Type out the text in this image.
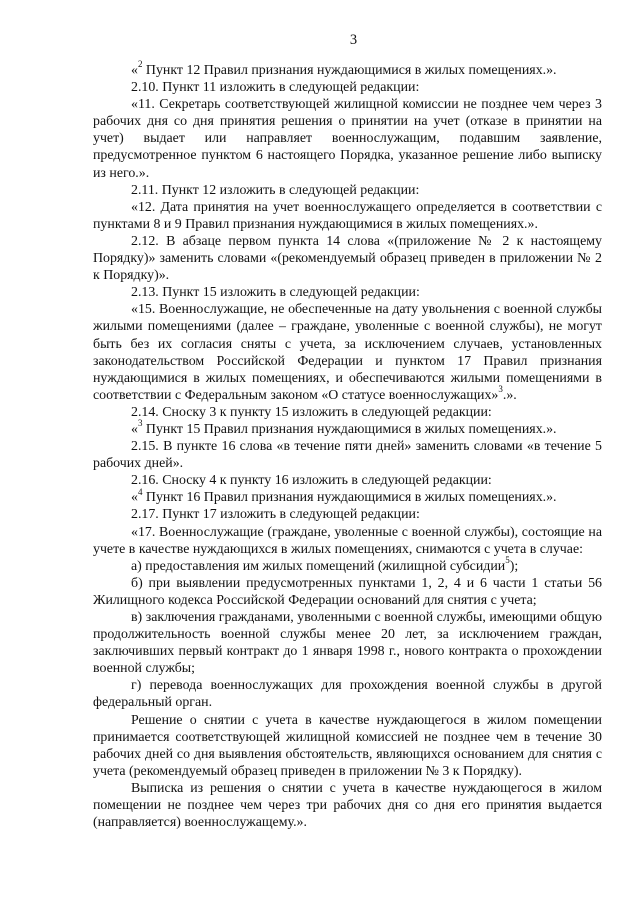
3

«$^2$ Пункт 12 Правил признания нуждающимися в жилых помещениях.».

2.10. Пункт 11 изложить в следующей редакции:

«11. Секретарь соответствующей жилищной комиссии не позднее чем через 3 рабочих дня со дня принятия решения о принятии на учет (отказе в принятии на учет) выдает или направляет военнослужащим, подавшим заявление, предусмотренное пунктом 6 настоящего Порядка, указанное решение либо выписку из него.».

2.11. Пункт 12 изложить в следующей редакции:

«12. Дата принятия на учет военнослужащего определяется в соответствии с пунктами 8 и 9 Правил признания нуждающимися в жилых помещениях.».

2.12. В абзаце первом пункта 14 слова «(приложение № 2 к настоящему Порядку)» заменить словами «(рекомендуемый образец приведен в приложении № 2 к Порядку)».

2.13. Пункт 15 изложить в следующей редакции:

«15. Военнослужащие, не обеспеченные на дату увольнения с военной службы жилыми помещениями (далее – граждане, уволенные с военной службы), не могут быть без их согласия сняты с учета, за исключением случаев, установленных законодательством Российской Федерации и пунктом 17 Правил признания нуждающимися в жилых помещениях, и обеспечиваются жилыми помещениями в соответствии с Федеральным законом «О статусе военнослужащих»$^3$.».

2.14. Сноску 3 к пункту 15 изложить в следующей редакции:

«$^3$ Пункт 15 Правил признания нуждающимися в жилых помещениях.».

2.15. В пункте 16 слова «в течение пяти дней» заменить словами «в течение 5 рабочих дней».

2.16. Сноску 4 к пункту 16 изложить в следующей редакции:

«$^4$ Пункт 16 Правил признания нуждающимися в жилых помещениях.».

2.17. Пункт 17 изложить в следующей редакции:

«17. Военнослужащие (граждане, уволенные с военной службы), состоящие на учете в качестве нуждающихся в жилых помещениях, снимаются с учета в случае:

а) предоставления им жилых помещений (жилищной субсидии$^5$);

б) при выявлении предусмотренных пунктами 1, 2, 4 и 6 части 1 статьи 56 Жилищного кодекса Российской Федерации оснований для снятия с учета;

в) заключения гражданами, уволенными с военной службы, имеющими общую продолжительность военной службы менее 20 лет, за исключением граждан, заключивших первый контракт до 1 января 1998 г., нового контракта о прохождении военной службы;

г) перевода военнослужащих для прохождения военной службы в другой федеральный орган.

Решение о снятии с учета в качестве нуждающегося в жилом помещении принимается соответствующей жилищной комиссией не позднее чем в течение 30 рабочих дней со дня выявления обстоятельств, являющихся основанием для снятия с учета (рекомендуемый образец приведен в приложении № 3 к Порядку).

Выписка из решения о снятии с учета в качестве нуждающегося в жилом помещении не позднее чем через три рабочих дня со дня его принятия выдается (направляется) военнослужащему.».
